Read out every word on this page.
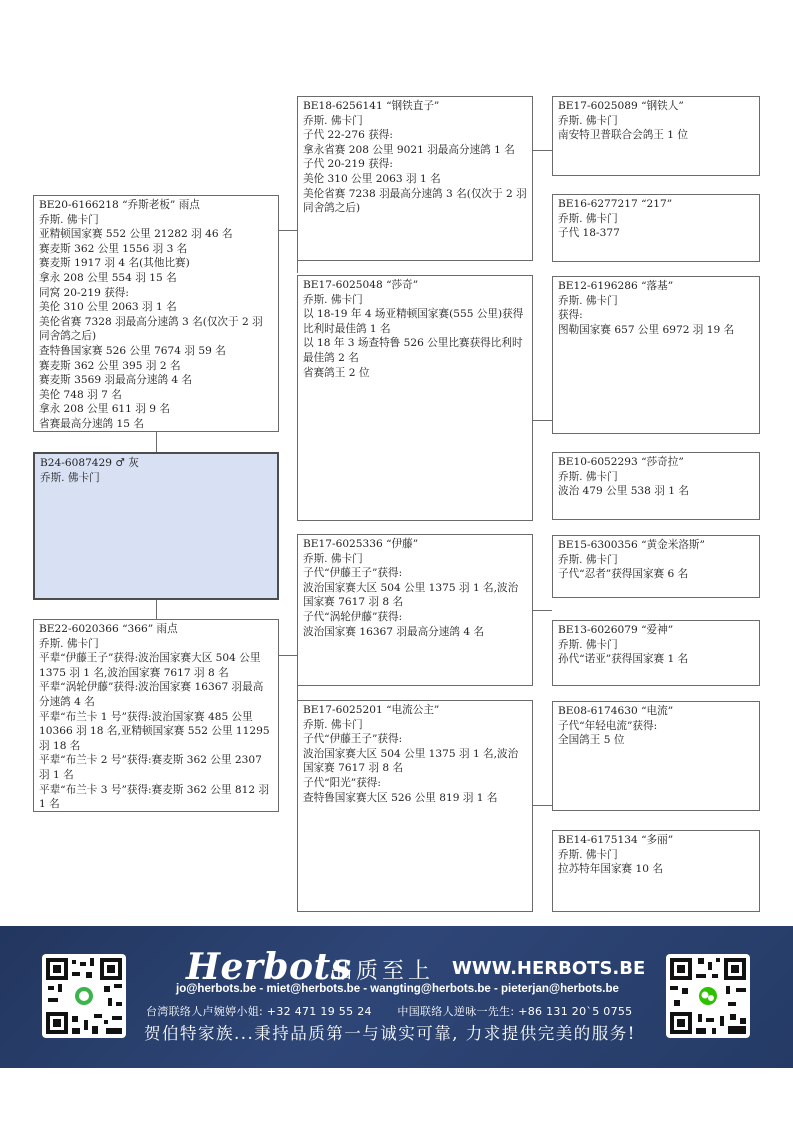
BE20-6166218 “乔斯老板” 雨点
乔斯. 佛卡门
亚精顿国家赛 552 公里 21282 羽 46 名
赛麦斯 362 公里 1556 羽 3 名
赛麦斯 1917 羽 4 名(其他比赛)
拿永 208 公里 554 羽 15 名
同窝 20-219 获得:
美伦 310 公里 2063 羽 1 名
美伦省赛 7328 羽最高分速鸽 3 名(仅次于 2 羽同舍鸽之后)
查特鲁国家赛 526 公里 7674 羽 59 名
赛麦斯 362 公里 395 羽 2 名
赛麦斯 3569 羽最高分速鸽 4 名
美伦 748 羽 7 名
拿永 208 公里 611 羽 9 名
省赛最高分速鸽 15 名
B24-6087429 ♂ 灰
乔斯. 佛卡门
BE22-6020366 “366” 雨点
乔斯. 佛卡门
平辈“伊藤王子”获得:波治国家赛大区 504 公里 1375 羽 1 名,波治国家赛 7617 羽 8 名
平辈“涡轮伊藤”获得:波治国家赛 16367 羽最高分速鸽 4 名
平辈“布兰卡 1 号”获得:波治国家赛 485 公里 10366 羽 18 名,亚精顿国家赛 552 公里 11295 羽 18 名
平辈“布兰卡 2 号”获得:赛麦斯 362 公里 2307 羽 1 名
平辈“布兰卡 3 号”获得:赛麦斯 362 公里 812 羽 1 名
BE18-6256141 “钢铁直子”
乔斯. 佛卡门
子代 22-276 获得:
拿永省赛 208 公里 9021 羽最高分速鸽 1 名
子代 20-219 获得:
美伦 310 公里 2063 羽 1 名
美伦省赛 7238 羽最高分速鸽 3 名(仅次于 2 羽同舍鸽之后)
BE17-6025048 “莎奇”
乔斯. 佛卡门
以 18-19 年 4 场亚精顿国家赛(555 公里)获得比利时最佳鸽 1 名
以 18 年 3 场查特鲁 526 公里比赛获得比利时最佳鸽 2 名
省赛鸽王 2 位
BE17-6025336 “伊藤”
乔斯. 佛卡门
子代“伊藤王子”获得:
波治国家赛大区 504 公里 1375 羽 1 名,波治国家赛 7617 羽 8 名
子代“涡轮伊藤”获得:
波治国家赛 16367 羽最高分速鸽 4 名
BE17-6025201 “电流公主”
乔斯. 佛卡门
子代“伊藤王子”获得:
波治国家赛大区 504 公里 1375 羽 1 名,波治国家赛 7617 羽 8 名
子代“阳光”获得:
查特鲁国家赛大区 526 公里 819 羽 1 名
BE17-6025089 “钢铁人”
乔斯. 佛卡门
南安特卫普联合会鸽王 1 位
BE16-6277217 “217”
乔斯. 佛卡门
子代 18-377
BE12-6196286 “落基”
乔斯. 佛卡门
获得:
图勒国家赛 657 公里 6972 羽 19 名
BE10-6052293 “莎奇拉”
乔斯. 佛卡门
波治 479 公里 538 羽 1 名
BE15-6300356 “黄金米洛斯”
乔斯. 佛卡门
子代“忍者”获得国家赛 6 名
BE13-6026079 “爱神”
乔斯. 佛卡门
孙代“诺亚”获得国家赛 1 名
BE08-6174630 “电流”
子代“年轻电流”获得:
全国鸽王 5 位
BE14-6175134 “多丽”
乔斯. 佛卡门
拉苏特年国家赛 10 名
Herbots
品质至上 WWW.HERBOTS.BE
jo@herbots.be - miet@herbots.be - wangting@herbots.be - pieterjan@herbots.be
台湾联络人卢婉婷小姐: +32 471 19 55 24 中国联络人逆咏一先生: +86 131 20`5 0755
贺伯特家族...秉持品质第一与诚实可靠, 力求提供完美的服务!
